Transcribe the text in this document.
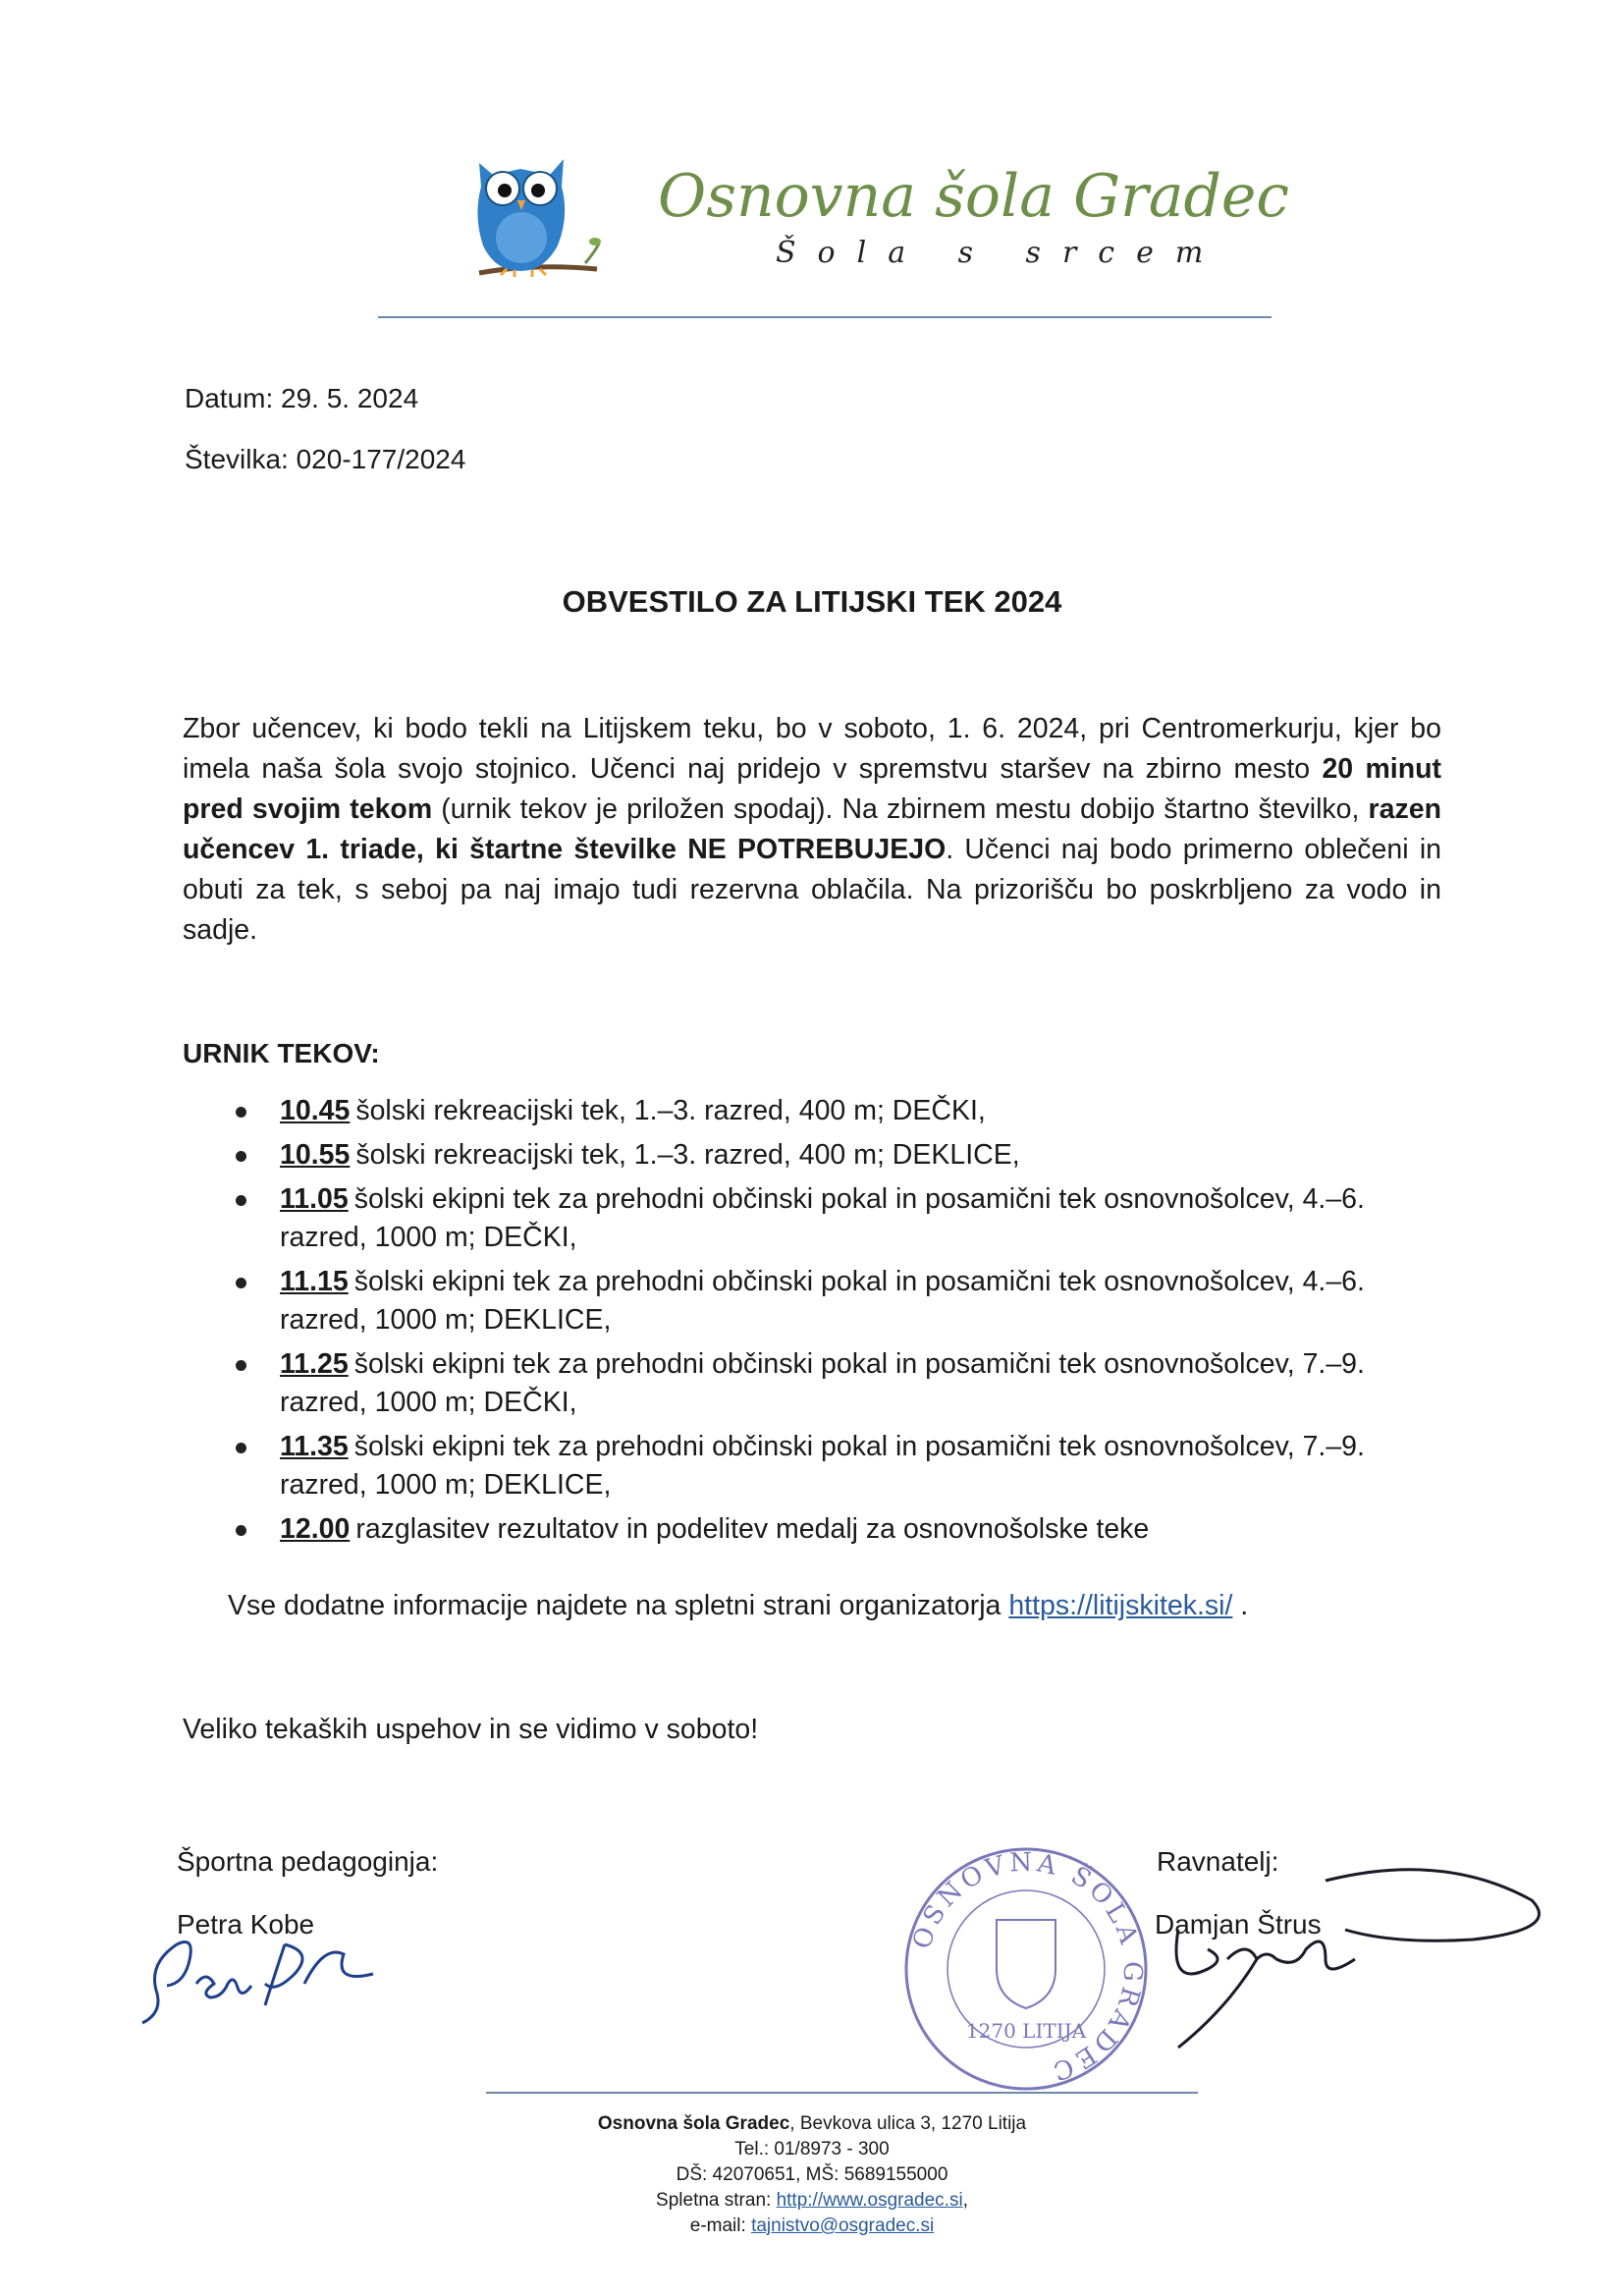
Osnovna šola Gradec
Šola s srcem
Datum: 29. 5. 2024
Številka: 020-177/2024
OBVESTILO ZA LITIJSKI TEK 2024
Zbor učencev, ki bodo tekli na Litijskem teku, bo v soboto, 1. 6. 2024, pri Centromerkurju, kjer bo imela naša šola svojo stojnico. Učenci naj pridejo v spremstvu staršev na zbirno mesto 20 minut pred svojim tekom (urnik tekov je priložen spodaj). Na zbirnem mestu dobijo štartno številko, razen učencev 1. triade, ki štartne številke NE POTREBUJEJO. Učenci naj bodo primerno oblečeni in obuti za tek, s seboj pa naj imajo tudi rezervna oblačila. Na prizorišču bo poskrbljeno za vodo in sadje.
URNIK TEKOV:
10.45 šolski rekreacijski tek, 1.–3. razred, 400 m; DEČKI,
10.55 šolski rekreacijski tek, 1.–3. razred, 400 m; DEKLICE,
11.05 šolski ekipni tek za prehodni občinski pokal in posamični tek osnovnošolcev, 4.–6. razred, 1000 m; DEČKI,
11.15 šolski ekipni tek za prehodni občinski pokal in posamični tek osnovnošolcev, 4.–6. razred, 1000 m; DEKLICE,
11.25 šolski ekipni tek za prehodni občinski pokal in posamični tek osnovnošolcev, 7.–9. razred, 1000 m; DEČKI,
11.35 šolski ekipni tek za prehodni občinski pokal in posamični tek osnovnošolcev, 7.–9. razred, 1000 m; DEKLICE,
12.00 razglasitev rezultatov in podelitev medalj za osnovnošolske teke
Vse dodatne informacije najdete na spletni strani organizatorja https://litijskitek.si/ .
Veliko tekaških uspehov in se vidimo v soboto!
Športna pedagoginja:
Petra Kobe	OSNOVNA ŠOLA GRADEC
1270 LITIJA
Ravnatelj:
Damjan Štrus
Osnovna šola Gradec, Bevkova ulica 3, 1270 Litija
Tel.: 01/8973 - 300
DŠ: 42070651, MŠ: 5689155000
Spletna stran: http://www.osgradec.si,
e-mail: tajnistvo@osgradec.si
